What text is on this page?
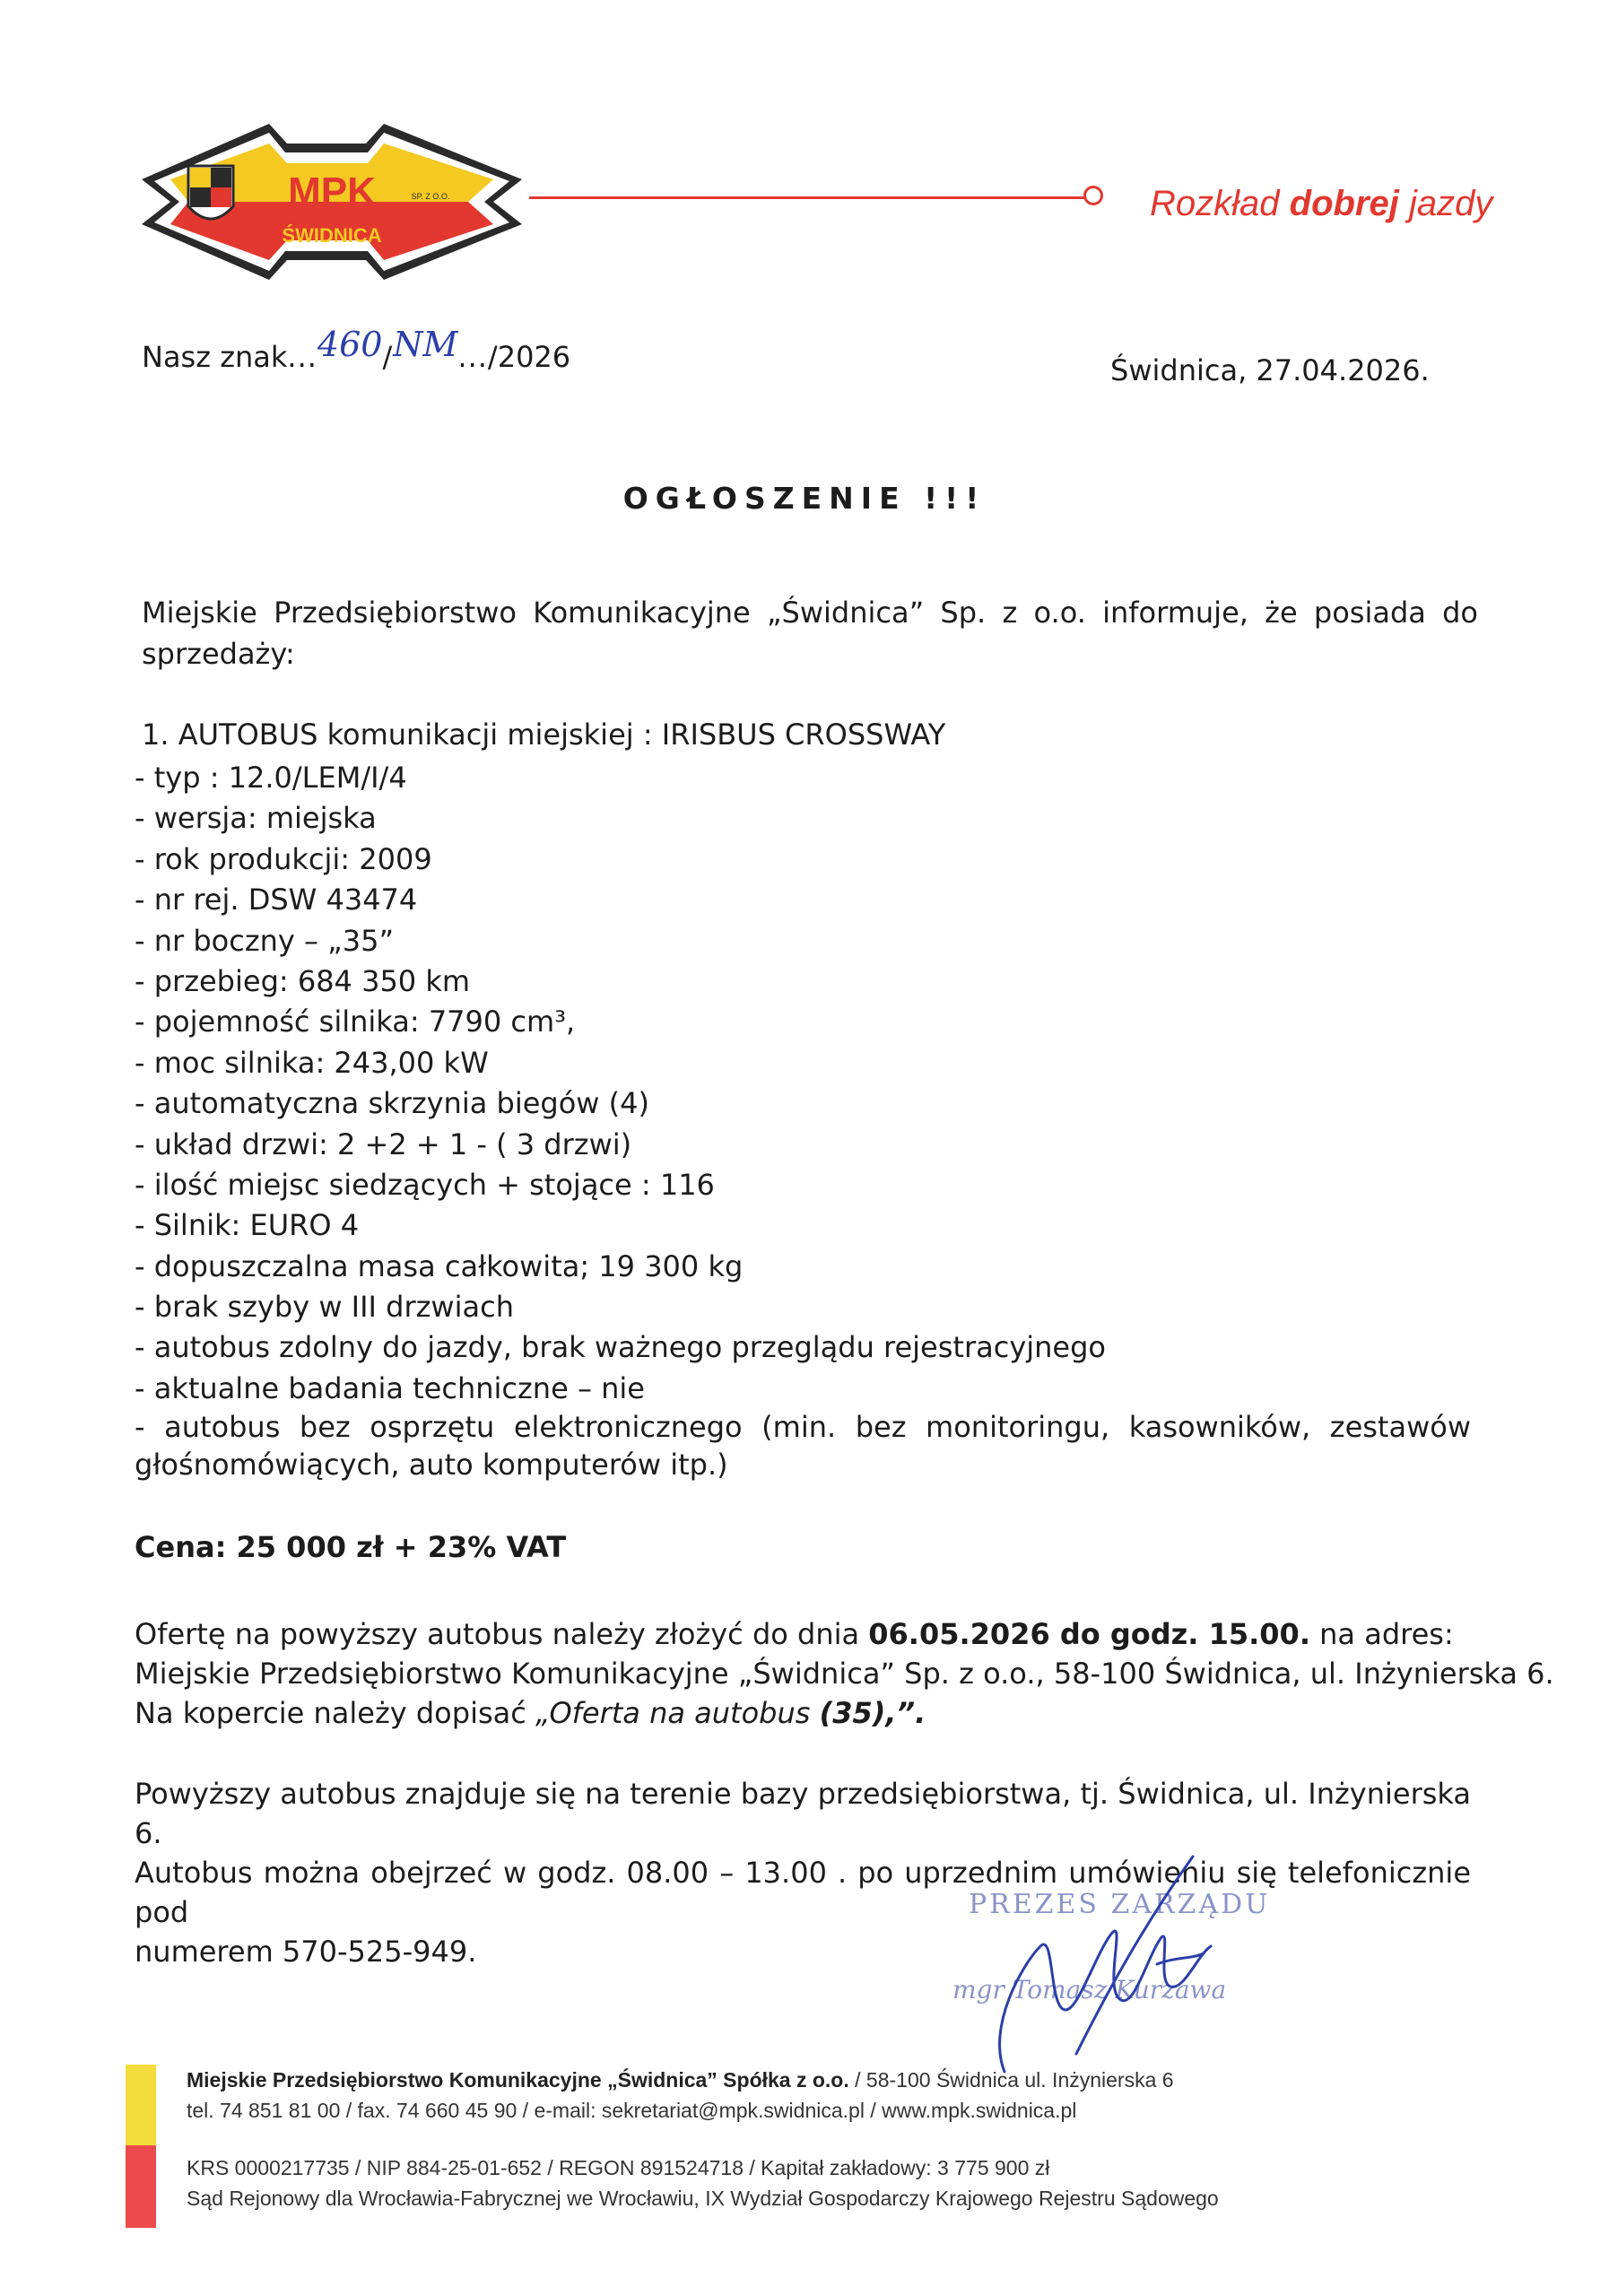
MPK
ŚWIDNICA
SP. Z O.O.	Rozkład dobrej jazdy
Nasz znak...460/NM.../2026	Świdnica, 27.04.2026.
OGŁOSZENIE !!!
Miejskie Przedsiębiorstwo Komunikacyjne „Świdnica” Sp. z o.o. informuje, że posiada do
sprzedaży:
1. AUTOBUS komunikacji miejskiej : IRISBUS CROSSWAY
- typ : 12.0/LEM/I/4
- wersja: miejska
- rok produkcji: 2009
- nr rej. DSW 43474
- nr boczny – „35”
- przebieg: 684 350 km
- pojemność silnika: 7790 cm³,
- moc silnika: 243,00 kW
- automatyczna skrzynia biegów (4)
- układ drzwi: 2 +2 + 1 - ( 3 drzwi)
- ilość miejsc siedzących + stojące : 116
- Silnik: EURO 4
- dopuszczalna masa całkowita; 19 300 kg
- brak szyby w III drzwiach
- autobus zdolny do jazdy, brak ważnego przeglądu rejestracyjnego
- aktualne badania techniczne – nie
- autobus bez osprzętu elektronicznego (min. bez monitoringu, kasowników, zestawów
głośnomówiących, auto komputerów itp.)
Cena: 25 000 zł + 23% VAT
Ofertę na powyższy autobus należy złożyć do dnia 06.05.2026 do godz. 15.00. na adres:
Miejskie Przedsiębiorstwo Komunikacyjne „Świdnica” Sp. z o.o., 58-100 Świdnica, ul. Inżynierska 6.
Na kopercie należy dopisać „Oferta na autobus (35),”.
Powyższy autobus znajduje się na terenie bazy przedsiębiorstwa, tj. Świdnica, ul. Inżynierska 6.
Autobus można obejrzeć w godz. 08.00 – 13.00 . po uprzednim umówieniu się telefonicznie pod
numerem 570-525-949.
PREZES ZARZĄDU
mgr Tomasz Kurzawa
Miejskie Przedsiębiorstwo Komunikacyjne „Świdnica” Spółka z o.o. / 58-100 Świdnica ul. Inżynierska 6
tel. 74 851 81 00 / fax. 74 660 45 90 / e-mail: sekretariat@mpk.swidnica.pl / www.mpk.swidnica.pl
KRS 0000217735 / NIP 884-25-01-652 / REGON 891524718 / Kapitał zakładowy: 3 775 900 zł
Sąd Rejonowy dla Wrocławia-Fabrycznej we Wrocławiu, IX Wydział Gospodarczy Krajowego Rejestru Sądowego
